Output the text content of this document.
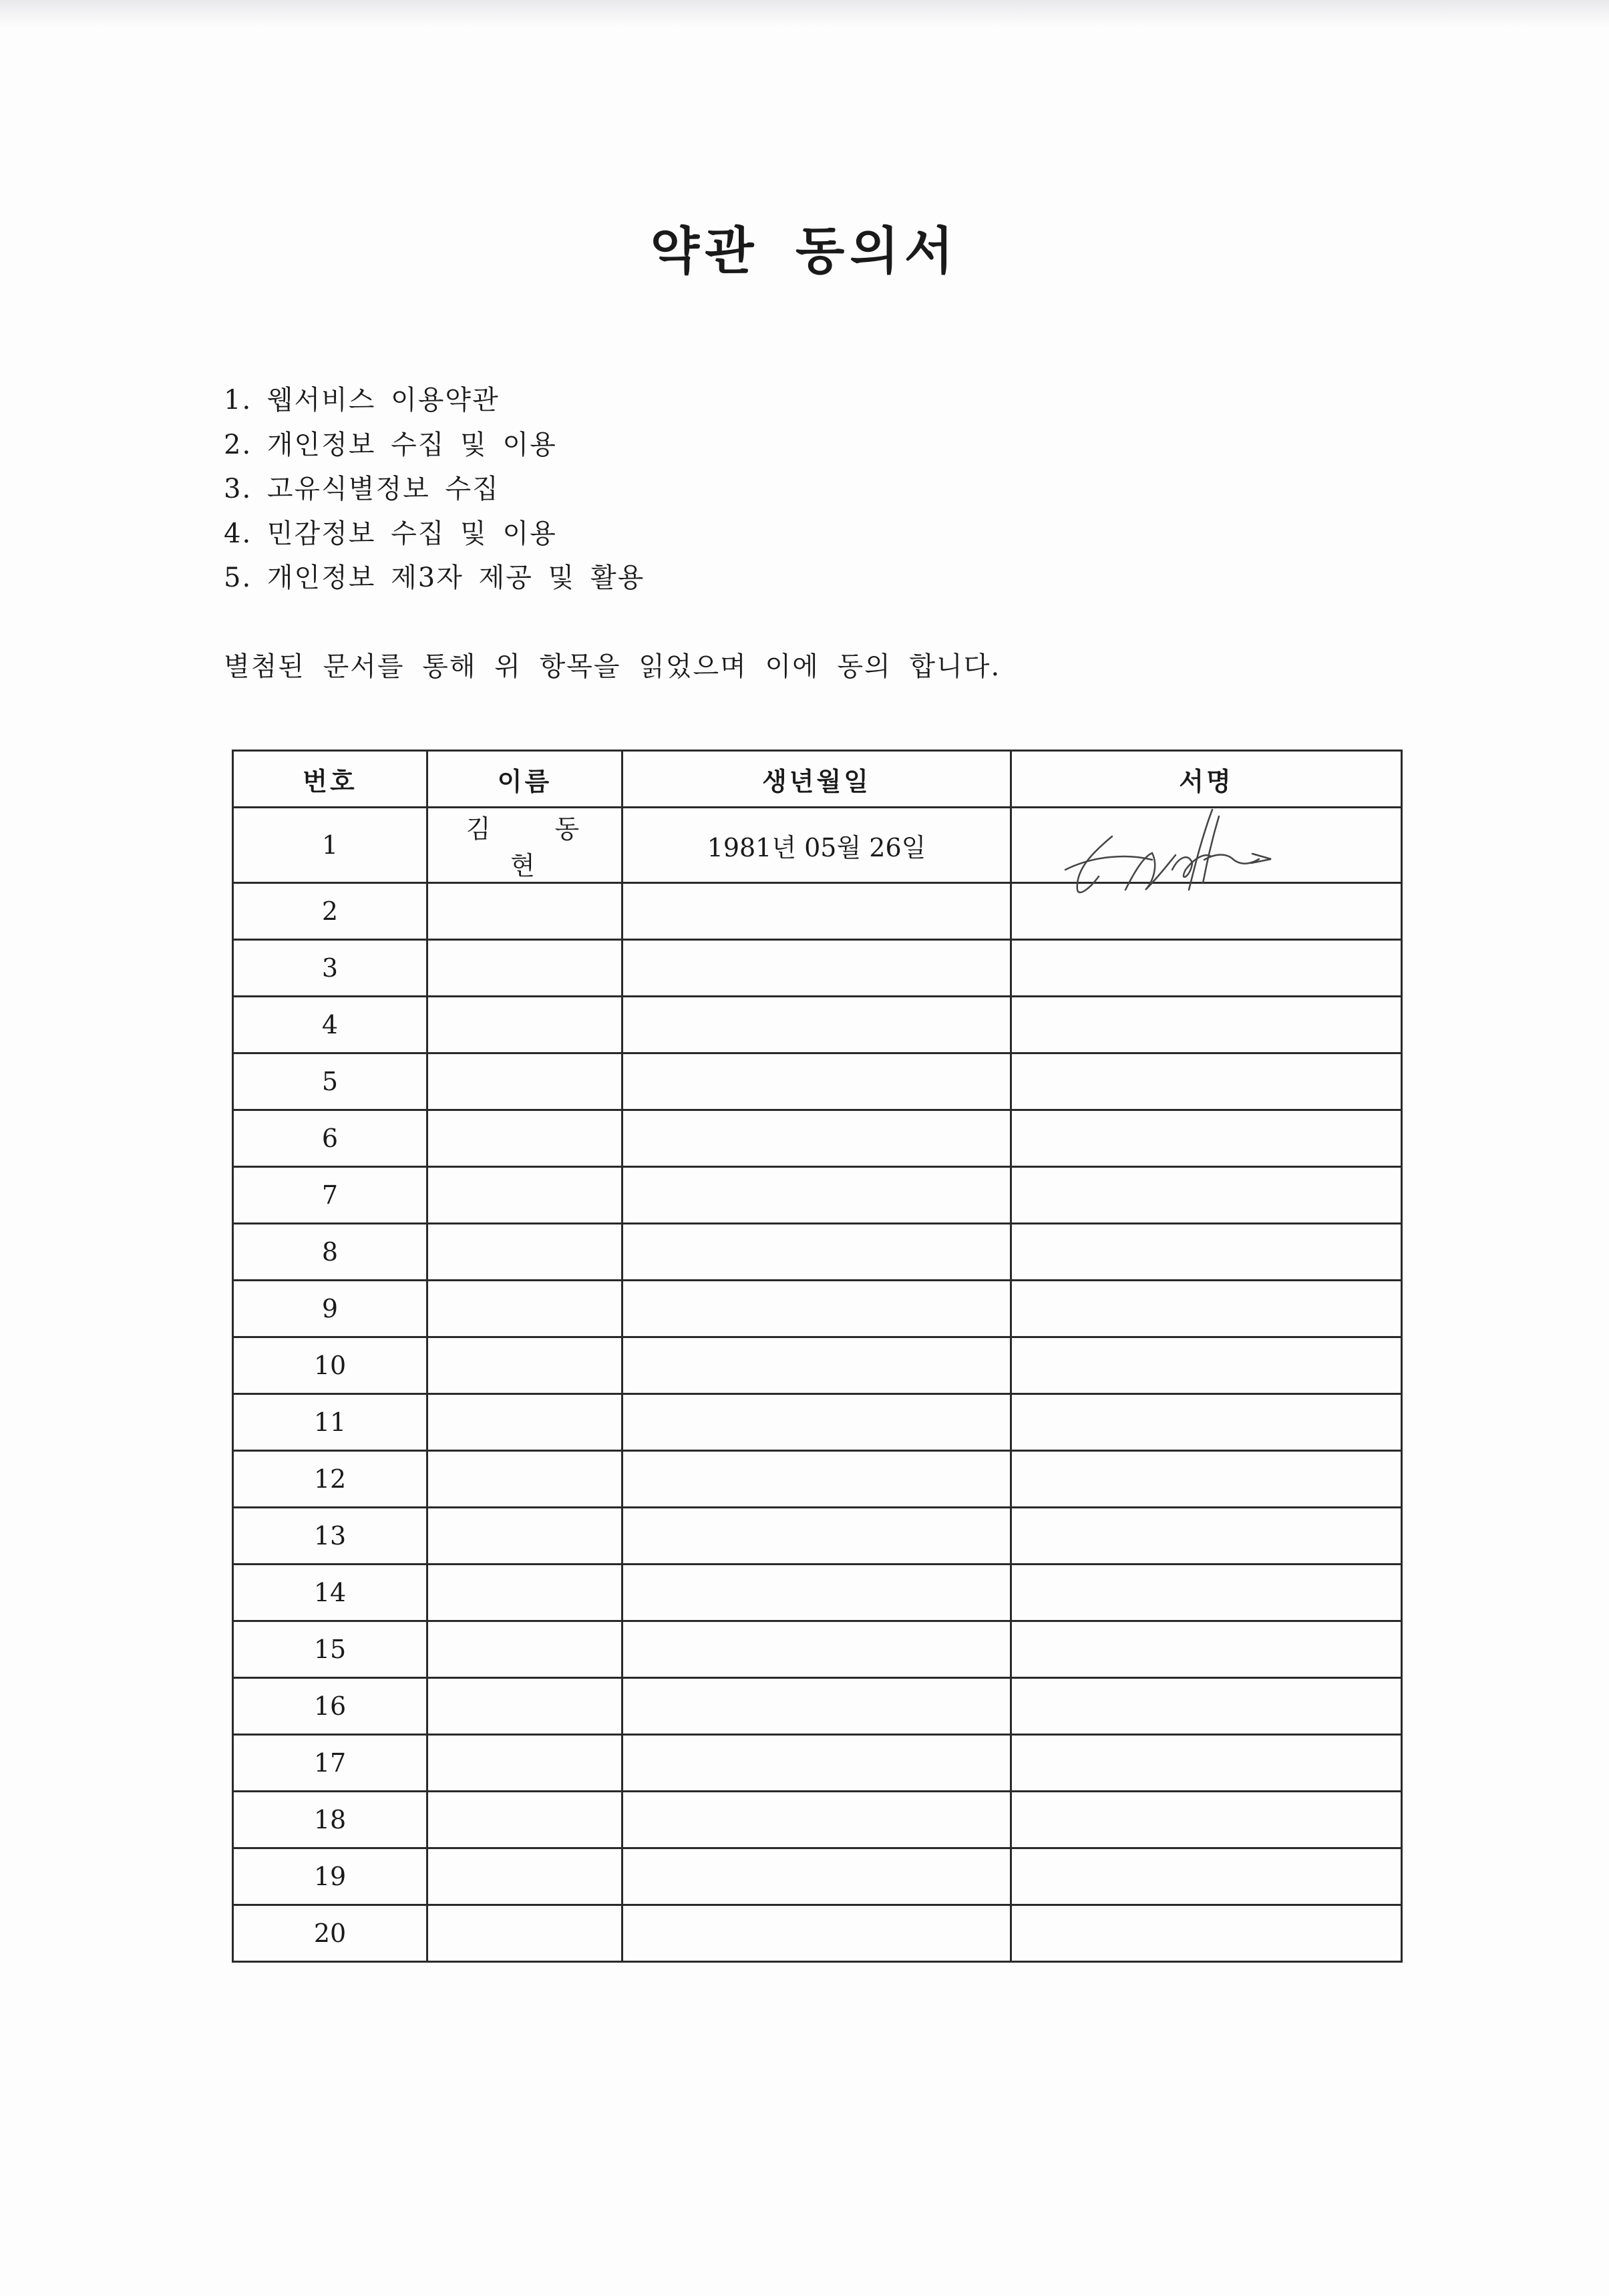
약관 동의서
1. 웹서비스 이용약관
2. 개인정보 수집 및 이용
3. 고유식별정보 수집
4. 민감정보 수집 및 이용
5. 개인정보 제3자 제공 및 활용

별첨된 문서를 통해 위 항목을 읽었으며 이에 동의 합니다.

번호	이름	생년월일	서명
1	김 동 현	1981년 05월 26일	

2			
3			
4			
5			
6			
7			
8			
9			
10			
11			
12			
13			
14			
15			
16			
17			
18			
19			
20			
